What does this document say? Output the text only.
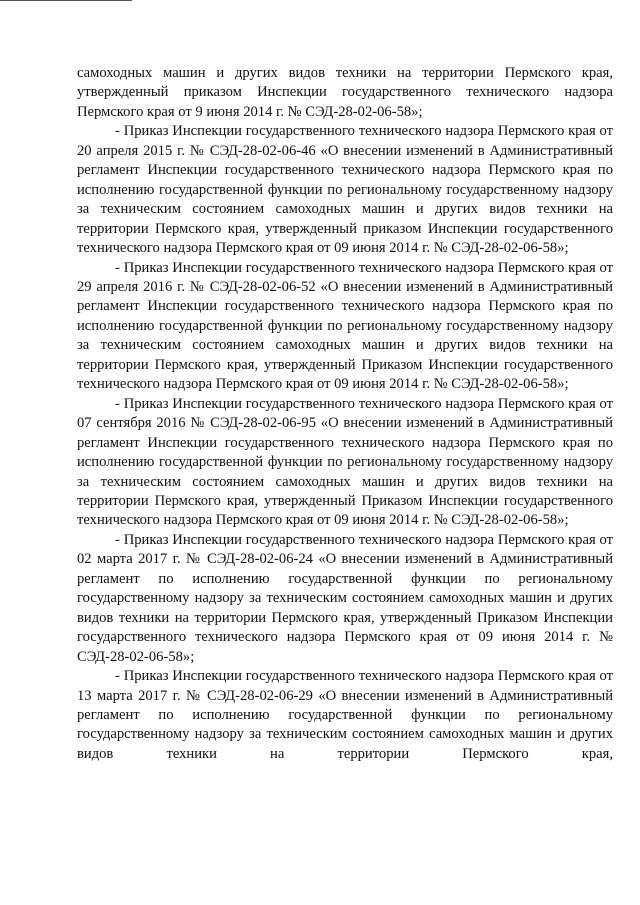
самоходных машин и других видов техники на территории Пермского края, утвержденный приказом Инспекции государственного технического надзора Пермского края от 9 июня 2014 г. № СЭД-28-02-06-58»;

- Приказ Инспекции государственного технического надзора Пермского края от 20 апреля 2015 г. № СЭД-28-02-06-46 «О внесении изменений в Административный регламент Инспекции государственного технического надзора Пермского края по исполнению государственной функции по региональному государственному надзору за техническим состоянием самоходных машин и других видов техники на территории Пермского края, утвержденный приказом Инспекции государственного технического надзора Пермского края от 09 июня 2014 г. № СЭД-28-02-06-58»;

- Приказ Инспекции государственного технического надзора Пермского края от 29 апреля 2016 г. № СЭД-28-02-06-52 «О внесении изменений в Административный регламент Инспекции государственного технического надзора Пермского края по исполнению государственной функции по региональному государственному надзору за техническим состоянием самоходных машин и других видов техники на территории Пермского края, утвержденный Приказом Инспекции государственного технического надзора Пермского края от 09 июня 2014 г. № СЭД-28-02-06-58»;

- Приказ Инспекции государственного технического надзора Пермского края от 07 сентября 2016 № СЭД-28-02-06-95 «О внесении изменений в Административный регламент Инспекции государственного технического надзора Пермского края по исполнению государственной функции по региональному государственному надзору за техническим состоянием самоходных машин и других видов техники на территории Пермского края, утвержденный Приказом Инспекции государственного технического надзора Пермского края от 09 июня 2014 г. № СЭД-28-02-06-58»;

- Приказ Инспекции государственного технического надзора Пермского края от 02 марта 2017 г. № СЭД-28-02-06-24 «О внесении изменений в Административный регламент по исполнению государственной функции по региональному государственному надзору за техническим состоянием самоходных машин и других видов техники на территории Пермского края, утвержденный Приказом Инспекции государственного технического надзора Пермского края от 09 июня 2014 г. № СЭД-28-02-06-58»;

- Приказ Инспекции государственного технического надзора Пермского края от 13 марта 2017 г. № СЭД-28-02-06-29 «О внесении изменений в Административный регламент по исполнению государственной функции по региональному государственному надзору за техническим состоянием самоходных машин и других видов техники на территории Пермского края,
